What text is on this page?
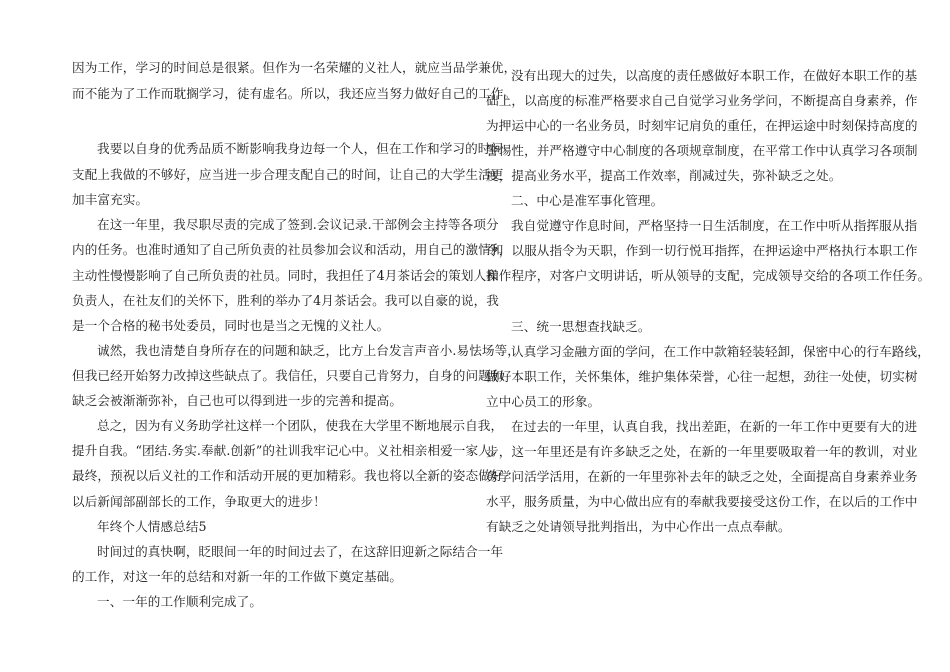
因为工作，学习的时间总是很紧。但作为一名荣耀的义社人，就应当品学兼优，
而不能为了工作而耽搁学习，徒有虚名。所以，我还应当努力做好自己的工作。
我要以自身的优秀品质不断影响我身边每一个人，但在工作和学习的时间
支配上我做的不够好，应当进一步合理支配自己的时间，让自己的大学生活更
加丰富充实。
在这一年里，我尽职尽责的完成了签到.会议记录.干部例会主持等各项分
内的任务。也准时通知了自己所负责的社员参加会议和活动，用自己的激情和
主动性慢慢影响了自己所负责的社员。同时，我担任了4月茶话会的策划人和
负责人，在社友们的关怀下，胜利的举办了4月茶话会。我可以自豪的说，我
是一个合格的秘书处委员，同时也是当之无愧的义社人。
诚然，我也清楚自身所存在的问题和缺乏，比方上台发言声音小.易怯场等，
但我已经开始努力改掉这些缺点了。我信任，只要自己肯努力，自身的问题和
缺乏会被渐渐弥补，自己也可以得到进一步的完善和提高。
总之，因为有义务助学社这样一个团队，使我在大学里不断地展示自我，
提升自我。“团结.务实.奉献.创新”的社训我牢记心中。义社相亲相爱一家人。
最终，预祝以后义社的工作和活动开展的更加精彩。我也将以全新的姿态做好
以后新闻部副部长的工作，争取更大的进步！
年终个人情感总结5
时间过的真快啊，眨眼间一年的时间过去了，在这辞旧迎新之际结合一年
的工作，对这一年的总结和对新一年的工作做下奠定基础。
一、一年的工作顺利完成了。
没有出现大的过失，以高度的责任感做好本职工作，在做好本职工作的基
础上，以高度的标准严格要求自己自觉学习业务学问，不断提高自身素养，作
为押运中心的一名业务员，时刻牢记肩负的重任，在押运途中时刻保持高度的
警惕性，并严格遵守中心制度的各项规章制度，在平常工作中认真学习各项制
度，提高业务水平，提高工作效率，削减过失，弥补缺乏之处。
二、中心是准军事化管理。
我自觉遵守作息时间，严格坚持一日生活制度，在工作中听从指挥服从指
令，以服从指令为天职，作到一切行悦耳指挥，在押运途中严格执行本职工作
操作程序，对客户文明讲话，听从领导的支配，完成领导交给的各项工作任务。
三、统一思想查找缺乏。
认真学习金融方面的学问，在工作中款箱轻装轻卸，保密中心的行车路线，
做好本职工作，关怀集体，维护集体荣誉，心往一起想，劲往一处使，切实树
立中心员工的形象。
在过去的一年里，认真自我，找出差距，在新的一年工作中更要有大的进
步，这一年里还是有许多缺乏之处，在新的一年里要吸取着一年的教训，对业
务学问活学活用，在新的一年里弥补去年的缺乏之处，全面提高自身素养业务
水平，服务质量，为中心做出应有的奉献我要接受这份工作，在以后的工作中
有缺乏之处请领导批判指出，为中心作出一点点奉献。
